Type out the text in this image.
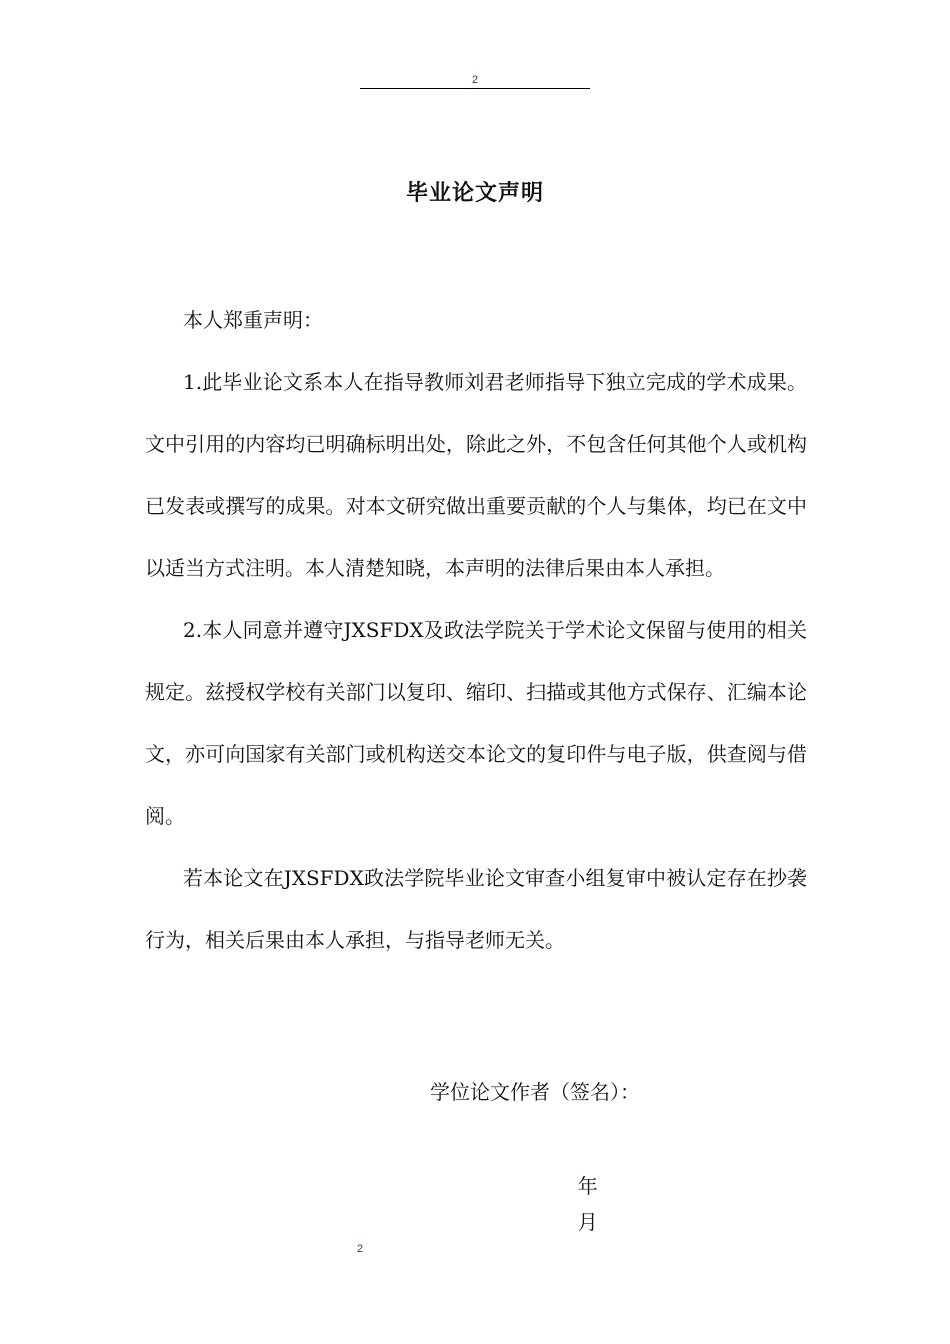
2
毕业论文声明

本人郑重声明：

1.此毕业论文系本人在指导教师刘君老师指导下独立完成的学术成果。文中引用的内容均已明确标明出处，除此之外，不包含任何其他个人或机构已发表或撰写的成果。对本文研究做出重要贡献的个人与集体，均已在文中以适当方式注明。本人清楚知晓，本声明的法律后果由本人承担。

2.本人同意并遵守JXSFDX及政法学院关于学术论文保留与使用的相关规定。兹授权学校有关部门以复印、缩印、扫描或其他方式保存、汇编本论文，亦可向国家有关部门或机构送交本论文的复印件与电子版，供查阅与借阅。

若本论文在JXSFDX政法学院毕业论文审查小组复审中被认定存在抄袭行为，相关后果由本人承担，与指导老师无关。

学位论文作者（签名）：

年
月

2
